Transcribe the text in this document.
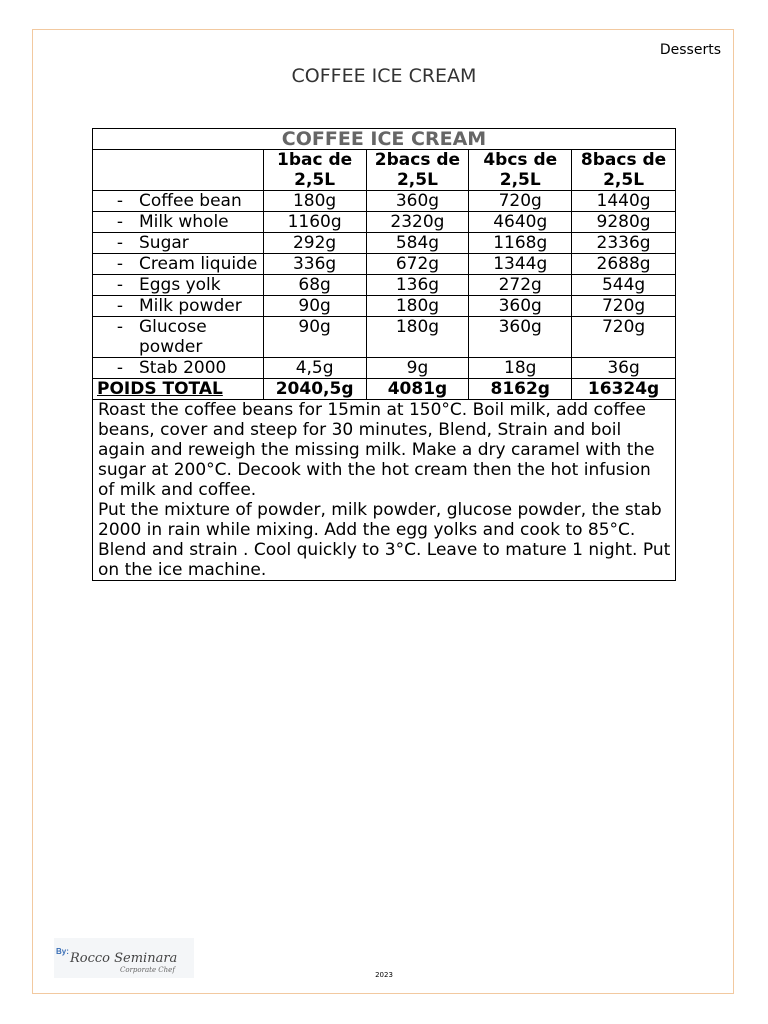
Desserts
COFFEE ICE CREAM
COFFEE ICE CREAM				
	1bac de 2,5L	2bacs de 2,5L	4bcs de 2,5L	8bacs de 2,5L

- Coffee bean	180g	360g	720g	1440g

- Milk whole	1160g	2320g	4640g	9280g

- Sugar	292g	584g	1168g	2336g

- Cream liquide	336g	672g	1344g	2688g

- Eggs yolk	68g	136g	272g	544g

- Milk powder	90g	180g	360g	720g

- Glucose powder	90g	180g	360g	720g

- Stab 2000	4,5g	9g	18g	36g
POIDS TOTAL	2040,5g	4081g	8162g	16324g

Roast the coffee beans for 15min at 150°C. Boil milk, add coffee beans, cover and steep for 30 minutes, Blend, Strain and boil again and reweigh the missing milk. Make a dry caramel with the sugar at 200°C. Decook with the hot cream then the hot infusion of milk and coffee.

Put the mixture of powder, milk powder, glucose powder, the stab 2000 in rain while mixing. Add the egg yolks and cook to 85°C. Blend and strain . Cool quickly to 3°C. Leave to mature 1 night. Put on the ice machine.				

By: Rocco Seminara
Corporate Chef
2023
